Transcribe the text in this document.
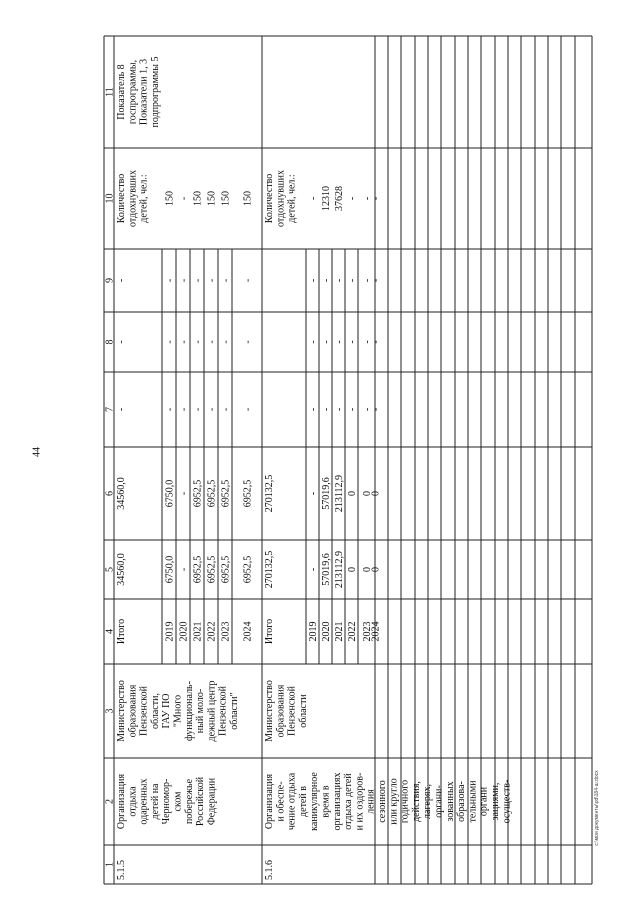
44
c:\мои документы\pd\184-ш.docx
1
2
3
4
5
6
7
8
9
10
11
5.1.5
Организация отдыха одаренных детей на Черномор- ском побережье Российской Федерации
Министерство образования Пензенской области, ГАУ ПО "Много функциональ- ный моло- дежный центр Пензенской области"
Итого
34560,0
34560,0
-
-
-
Количество отдохнувших детей, чел.:
Показатель 8 госпрограммы, Показатели 1, 3 подпрограммы 5
2019
6750,0
6750,0
-
-
-
150
2020
-
-
-
-
-
-
2021
6952,5
6952,5
-
-
-
150
2022
6952,5
6952,5
-
-
-
150
2023
6952,5
6952,5
-
-
-
150
2024
6952,5
6952,5
-
-
-
150
5.1.6
Организация и обеспе- чение отдыха детей в каникулярное время в организациях отдыха детей и их оздоров- ления сезонного или кругло годичного действия, лагерях, органи- зованных образова- тельными органи зациями, осуществ-
Министерство образования Пензенской области
Итого
270132,5
270132,5
Количество отдохнувших детей, чел.:
2019
-
-
-
-
-
-
2020
57019,6
57019,6
-
-
-
12310
2021
213112,9
213112,9
-
-
-
37628
2022
0
0
-
-
-
-
2023
0
0
-
-
-
-
2024
0
0
-
-
-
-
